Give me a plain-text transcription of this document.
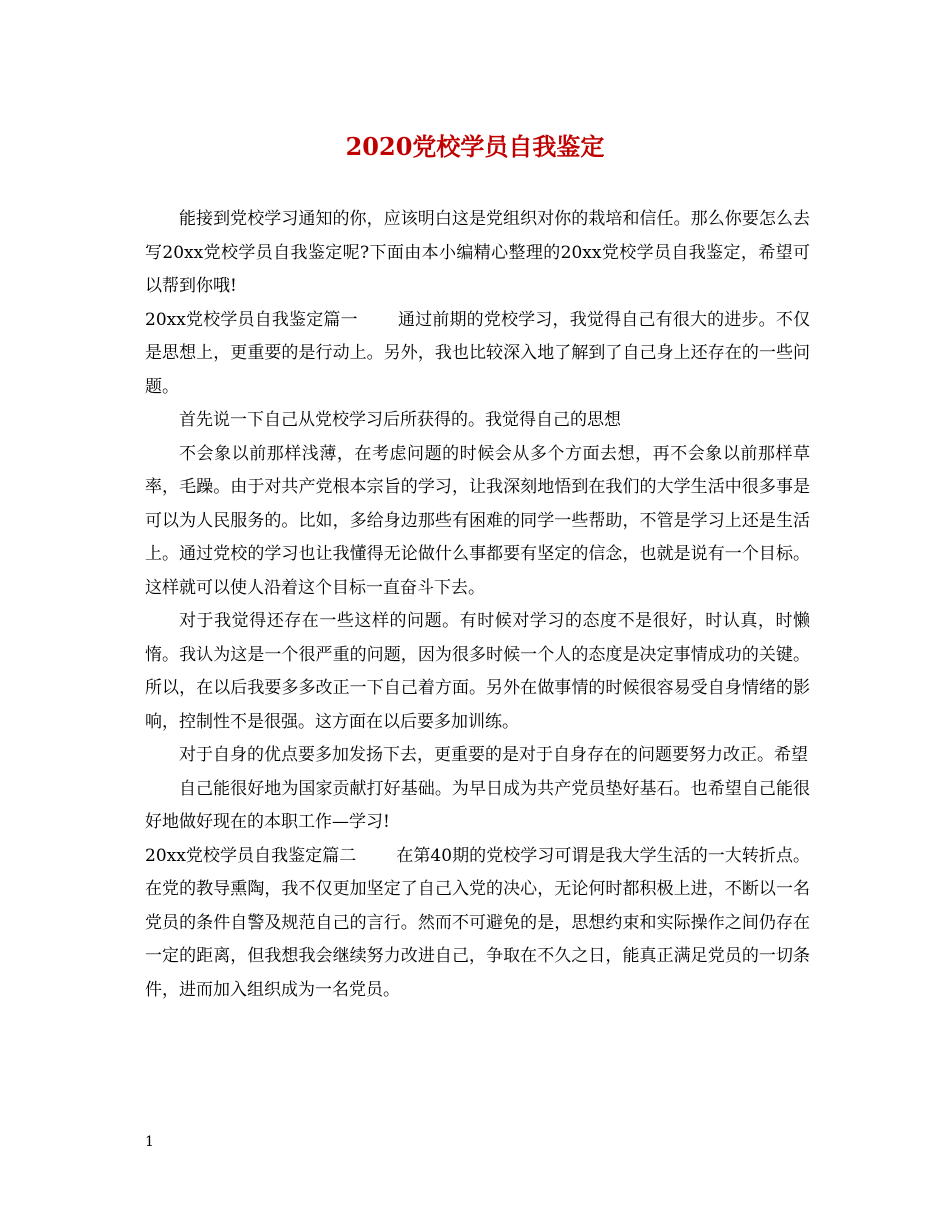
2020党校学员自我鉴定

能接到党校学习通知的你，应该明白这是党组织对你的栽培和信任。那么你要怎么去写20xx党校学员自我鉴定呢?下面由本小编精心整理的20xx党校学员自我鉴定，希望可以帮到你哦!

20xx党校学员自我鉴定篇一 通过前期的党校学习，我觉得自己有很大的进步。不仅是思想上，更重要的是行动上。另外，我也比较深入地了解到了自己身上还存在的一些问题。

首先说一下自己从党校学习后所获得的。我觉得自己的思想

不会象以前那样浅薄，在考虑问题的时候会从多个方面去想，再不会象以前那样草率，毛躁。由于对共产党根本宗旨的学习，让我深刻地悟到在我们的大学生活中很多事是可以为人民服务的。比如，多给身边那些有困难的同学一些帮助，不管是学习上还是生活上。通过党校的学习也让我懂得无论做什么事都要有坚定的信念，也就是说有一个目标。这样就可以使人沿着这个目标一直奋斗下去。

对于我觉得还存在一些这样的问题。有时候对学习的态度不是很好，时认真，时懒惰。我认为这是一个很严重的问题，因为很多时候一个人的态度是决定事情成功的关键。所以，在以后我要多多改正一下自己着方面。另外在做事情的时候很容易受自身情绪的影响，控制性不是很强。这方面在以后要多加训练。

对于自身的优点要多加发扬下去，更重要的是对于自身存在的问题要努力改正。希望

自己能很好地为国家贡献打好基础。为早日成为共产党员垫好基石。也希望自己能很好地做好现在的本职工作—学习!

20xx党校学员自我鉴定篇二 在第40期的党校学习可谓是我大学生活的一大转折点。在党的教导熏陶，我不仅更加坚定了自己入党的决心，无论何时都积极上进，不断以一名党员的条件自警及规范自己的言行。然而不可避免的是，思想约束和实际操作之间仍存在一定的距离，但我想我会继续努力改进自己，争取在不久之日，能真正满足党员的一切条件，进而加入组织成为一名党员。

1
